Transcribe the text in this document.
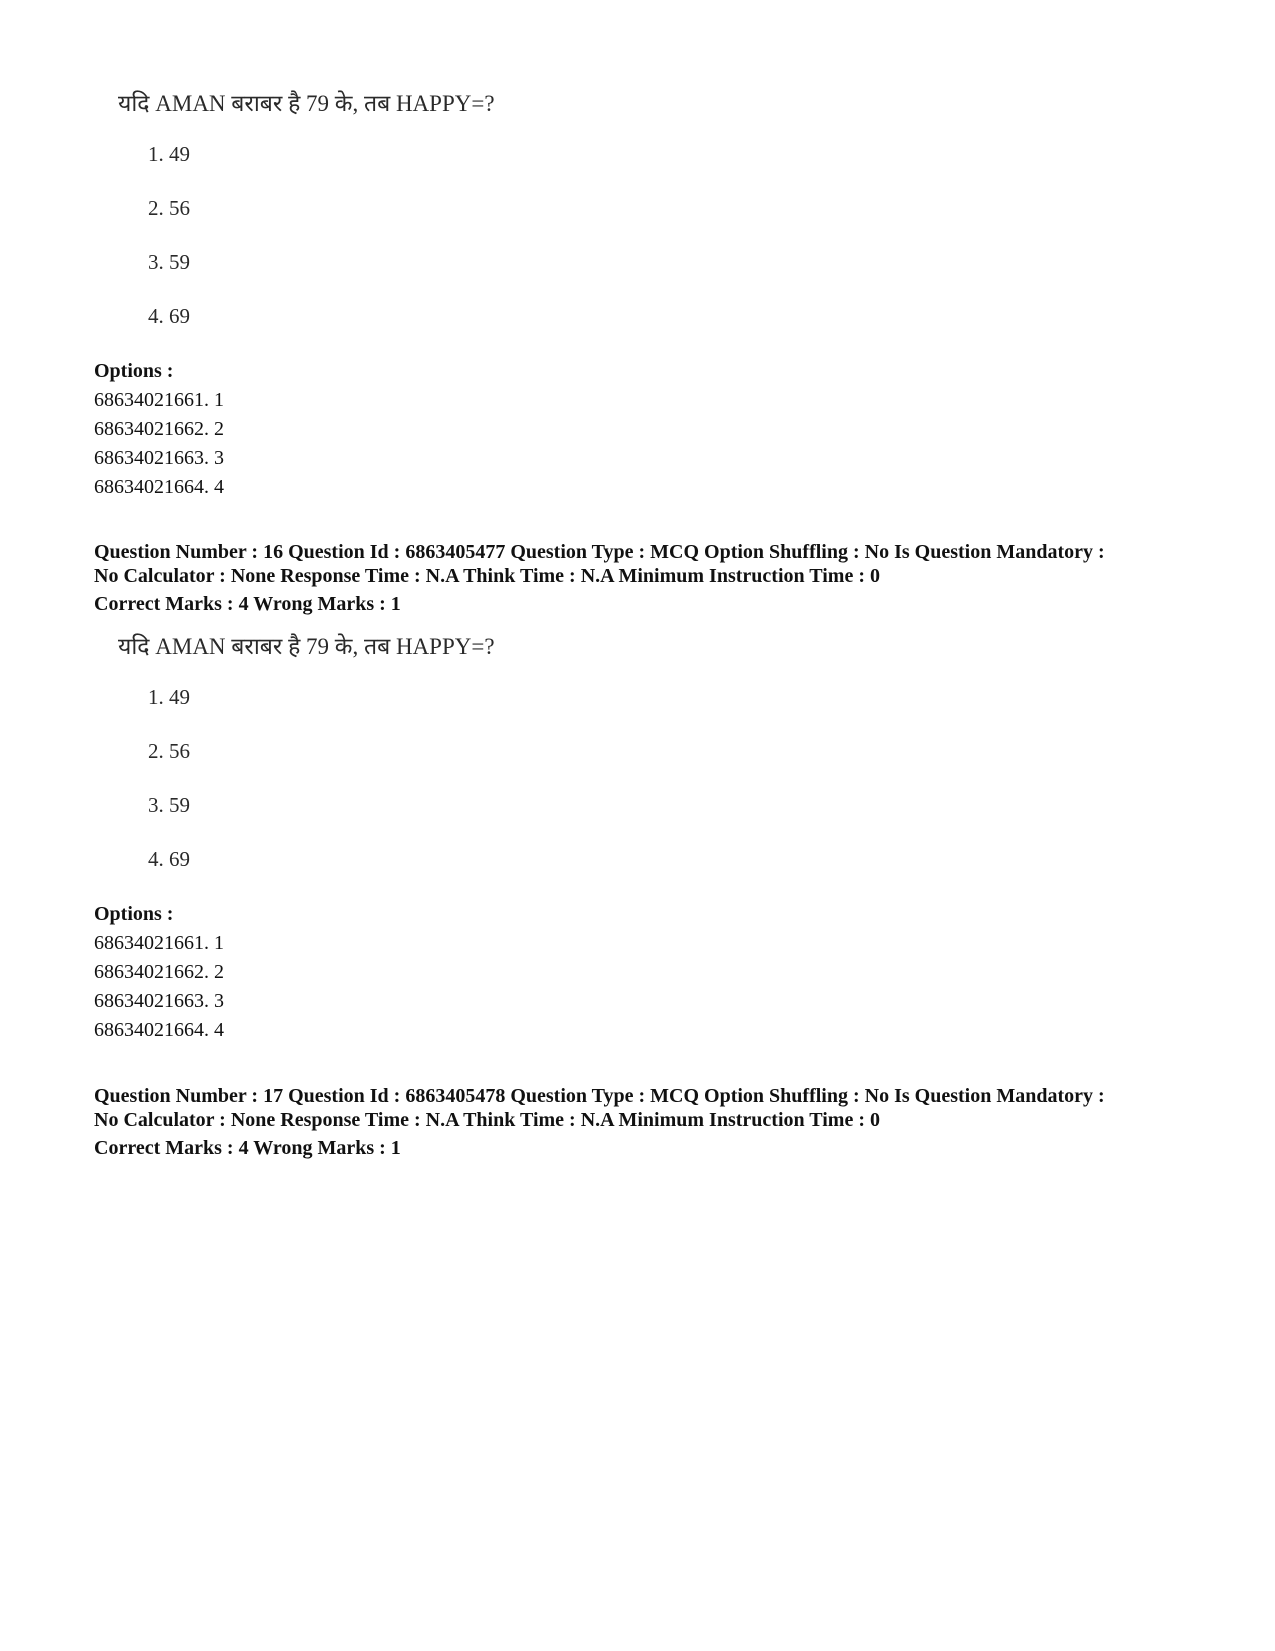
यदि AMAN बराबर है 79 के, तब HAPPY=?
1. 49
2. 56
3. 59
4. 69
Options :
68634021661. 1
68634021662. 2
68634021663. 3
68634021664. 4
Question Number : 16 Question Id : 6863405477 Question Type : MCQ Option Shuffling : No Is Question Mandatory :
No Calculator : None Response Time : N.A Think Time : N.A Minimum Instruction Time : 0
Correct Marks : 4 Wrong Marks : 1
यदि AMAN बराबर है 79 के, तब HAPPY=?
1. 49
2. 56
3. 59
4. 69
Options :
68634021661. 1
68634021662. 2
68634021663. 3
68634021664. 4
Question Number : 17 Question Id : 6863405478 Question Type : MCQ Option Shuffling : No Is Question Mandatory :
No Calculator : None Response Time : N.A Think Time : N.A Minimum Instruction Time : 0
Correct Marks : 4 Wrong Marks : 1
